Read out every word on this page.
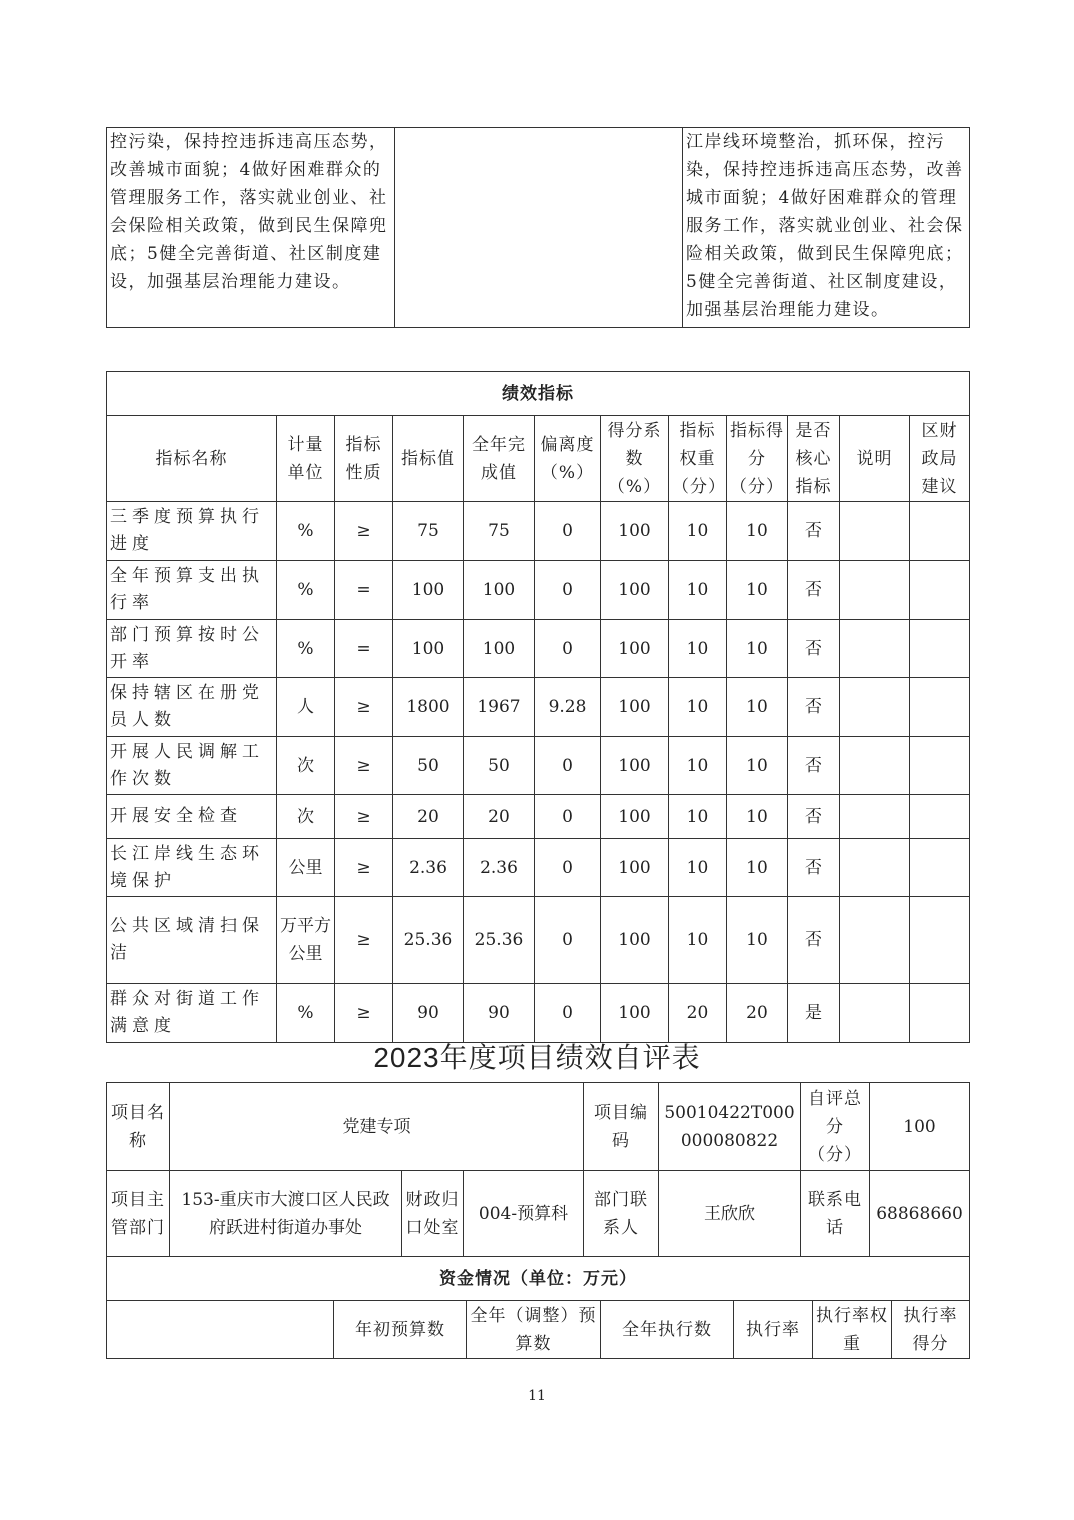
控污染，保持控违拆违高压态势，改善城市面貌；4做好困难群众的管理服务工作，落实就业创业、社会保险相关政策，做到民生保障兜底；5健全完善街道、社区制度建设，加强基层治理能力建设。		江岸线环境整治，抓环保，控污染，保持控违拆违高压态势，改善城市面貌；4做好困难群众的管理服务工作，落实就业创业、社会保险相关政策，做到民生保障兜底；5健全完善街道、社区制度建设，加强基层治理能力建设。
绩效指标											
指标名称	计量单位	指标性质	指标值	全年完成值	偏离度（%）	得分系数（%）	指标权重（分）	指标得分（分）	是否核心指标	说明	区财政局建议
三季度预算执行进度	%	≥	75	75	0	100	10	10	否		
全年预算支出执行率	%	=	100	100	0	100	10	10	否		
部门预算按时公开率	%	=	100	100	0	100	10	10	否		
保持辖区在册党员人数	人	≥	1800	1967	9.28	100	10	10	否		
开展人民调解工作次数	次	≥	50	50	0	100	10	10	否		
开展安全检查	次	≥	20	20	0	100	10	10	否		
长江岸线生态环境保护	公里	≥	2.36	2.36	0	100	10	10	否		
公共区域清扫保洁	万平方公里	≥	25.36	25.36	0	100	10	10	否		
群众对街道工作满意度	%	≥	90	90	0	100	20	20	是		
2023年度项目绩效自评表
项目名称	党建专项			项目编码	50010422T000000080822	自评总分（分）	100
项目主管部门	153-重庆市大渡口区人民政府跃进村街道办事处	财政归口处室	004-预算科	部门联系人	王欣欣	联系电话	68868660
资金情况（单位：万元）
	年初预算数	全年（调整）预算数	全年执行数	执行率	执行率权重	执行率得分
11
